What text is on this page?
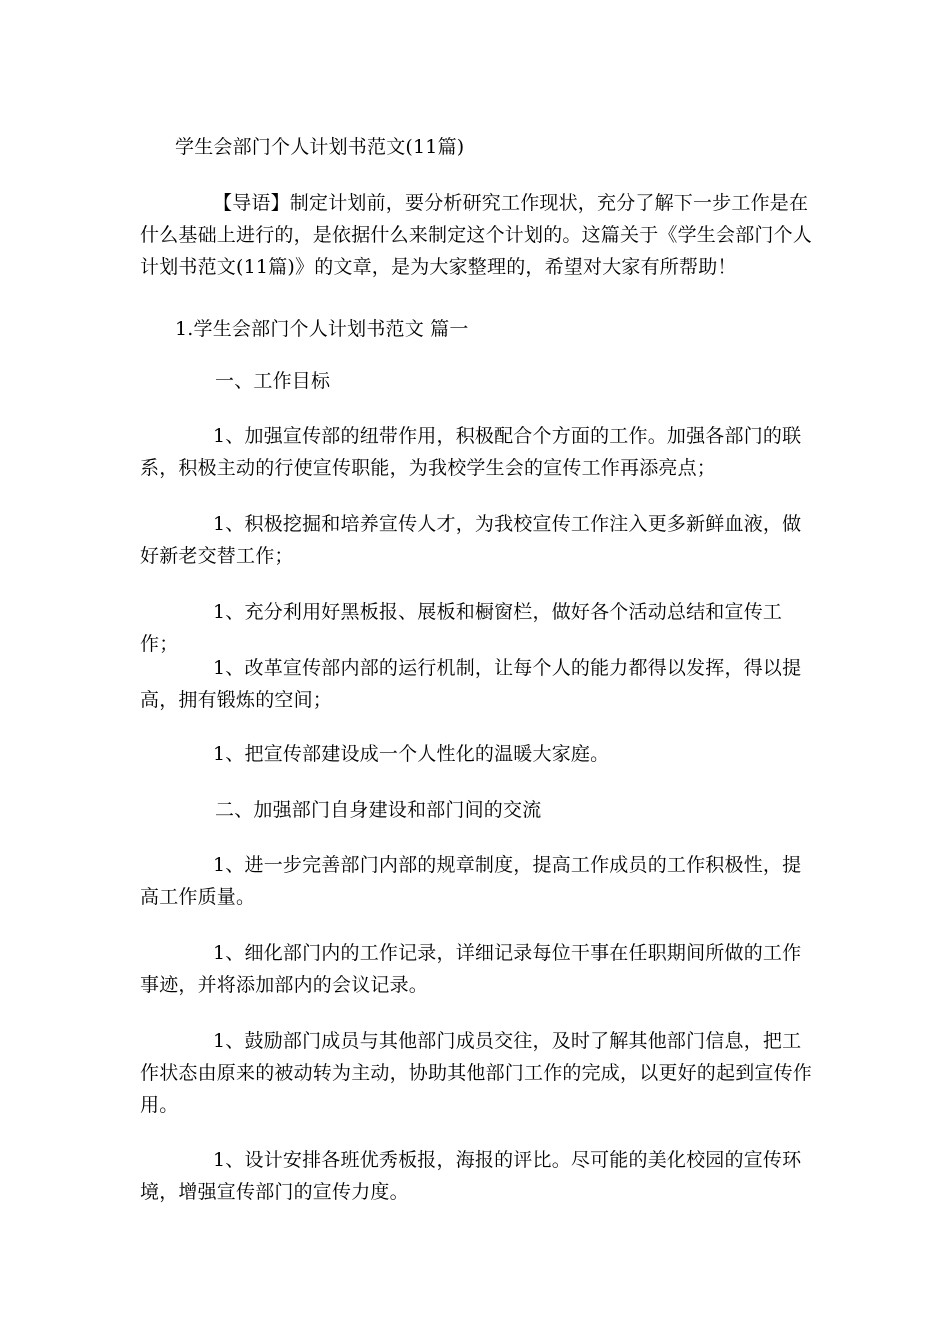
学生会部门个人计划书范文(11篇)

【导语】制定计划前，要分析研究工作现状，充分了解下一步工作是在什么基础上进行的，是依据什么来制定这个计划的。这篇关于《学生会部门个人计划书范文(11篇)》的文章，是为大家整理的，希望对大家有所帮助！

1.学生会部门个人计划书范文 篇一

一、工作目标

1、加强宣传部的纽带作用，积极配合个方面的工作。加强各部门的联系，积极主动的行使宣传职能，为我校学生会的宣传工作再添亮点；

1、积极挖掘和培养宣传人才，为我校宣传工作注入更多新鲜血液，做好新老交替工作；

1、充分利用好黑板报、展板和橱窗栏，做好各个活动总结和宣传工作；

1、改革宣传部内部的运行机制，让每个人的能力都得以发挥，得以提高，拥有锻炼的空间；

1、把宣传部建设成一个人性化的温暖大家庭。

二、加强部门自身建设和部门间的交流

1、进一步完善部门内部的规章制度，提高工作成员的工作积极性，提高工作质量。

1、细化部门内的工作记录，详细记录每位干事在任职期间所做的工作事迹，并将添加部内的会议记录。

1、鼓励部门成员与其他部门成员交往，及时了解其他部门信息，把工作状态由原来的被动转为主动，协助其他部门工作的完成，以更好的起到宣传作用。

1、设计安排各班优秀板报，海报的评比。尽可能的美化校园的宣传环境，增强宣传部门的宣传力度。
